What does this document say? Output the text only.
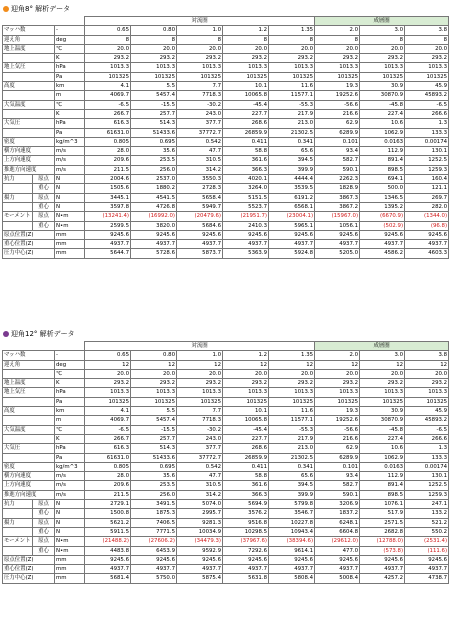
迎角8° 解析データ
			対流圏					成層圏		
マッハ数		-	0.65	0.80	1.0	1.2	1.35	2.0	3.0	3.8
迎え角		deg	8	8	8	8	8	8	8	8
地上温度		℃	20.0	20.0	20.0	20.0	20.0	20.0	20.0	20.0
		K	293.2	293.2	293.2	293.2	293.2	293.2	293.2	293.2
地上気圧		hPa	1013.3	1013.3	1013.3	1013.3	1013.3	1013.3	1013.3	1013.3
		Pa	101325	101325	101325	101325	101325	101325	101325	101325
高度		km	4.1	5.5	7.7	10.1	11.6	19.3	30.9	45.9
		m	4069.7	5457.4	7718.3	10065.8	11577.1	19252.6	30870.9	45893.2
大気温度		℃	-6.5	-15.5	-30.2	-45.4	-55.3	-56.6	-45.8	-6.5
		K	266.7	257.7	243.0	227.7	217.9	216.6	227.4	266.6
大気圧		hPa	616.3	514.3	377.7	268.6	213.0	62.9	10.6	1.3
		Pa	61631.0	51433.6	37772.7	26859.9	21302.5	6289.9	1062.9	133.3
密度		kg/m^3	0.805	0.695	0.542	0.411	0.341	0.101	0.0163	0.00174
横方向速度		m/s	28.0	35.6	47.7	58.8	65.6	93.4	112.9	130.1
上方向速度		m/s	209.6	253.5	310.5	361.6	394.5	582.7	891.4	1252.5
推進方向速度		m/s	211.5	256.0	314.2	366.3	399.9	590.1	898.5	1259.3
抗力	原点	N	2004.6	2537.0	3550.3	4020.1	4444.4	2262.3	694.1	160.4
	重心	N	1505.6	1880.2	2728.3	3264.0	3539.5	1828.9	500.0	121.1
揚力	原点	N	3445.1	4541.5	5658.4	5151.5	6191.2	3867.3	1346.5	269.7
	重心	N	3597.8	4726.8	5949.7	5523.7	6568.1	3867.2	1395.2	282.0
モーメント	原点	N•m	(13241.4)	(16992.0)	(20479.6)	(21951.7)	(23004.1)	(15967.0)	(6670.9)	(1344.0)
	重心	N•m	2599.5	3820.0	5684.6	2410.3	5965.1	1056.1	(502.9)	(96.8)
原点位置(Z)		mm	9245.6	9245.6	9245.6	9245.6	9245.6	9245.6	9245.6	9245.6
重心位置(Z)		mm	4937.7	4937.7	4937.7	4937.7	4937.7	4937.7	4937.7	4937.7
圧力中心(Z)		mm	5644.7	5728.6	5873.7	5363.9	5924.8	5205.0	4586.2	4603.3
迎角12° 解析データ
			対流圏					成層圏		
マッハ数		-	0.65	0.80	1.0	1.2	1.35	2.0	3.0	3.8
迎え角		deg	12	12	12	12	12	12	12	12
		℃	20.0	20.0	20.0	20.0	20.0	20.0	20.0	20.0
地上温度		K	293.2	293.2	293.2	293.2	293.2	293.2	293.2	293.2
地上気圧		hPa	1013.3	1013.3	1013.3	1013.3	1013.3	1013.3	1013.3	1013.3
		Pa	101325	101325	101325	101325	101325	101325	101325	101325
高度		km	4.1	5.5	7.7	10.1	11.6	19.3	30.9	45.9
		m	4069.7	5457.4	7718.3	10065.8	11577.1	19252.6	30870.9	45893.2
大気温度		℃	-6.5	-15.5	-30.2	-45.4	-55.3	-56.6	-45.8	-6.5
		K	266.7	257.7	243.0	227.7	217.9	216.6	227.4	266.6
大気圧		hPa	616.3	514.3	377.7	268.6	213.0	62.9	10.6	1.3
		Pa	61631.0	51433.6	37772.7	26859.9	21302.5	6289.9	1062.9	133.3
密度		kg/m^3	0.805	0.695	0.542	0.411	0.341	0.101	0.0163	0.00174
横方向速度		m/s	28.0	35.6	47.7	58.8	65.6	93.4	112.9	130.1
上方向速度		m/s	209.6	253.5	310.5	361.6	394.5	582.7	891.4	1252.5
推進方向速度		m/s	211.5	256.0	314.2	366.3	399.9	590.1	898.5	1259.3
抗力	原点	N	2729.1	3491.5	5074.0	5694.9	5799.8	3206.9	1076.1	247.1
	重心	N	1500.8	1875.3	2995.7	3576.2	3546.7	1837.2	517.9	133.2
揚力	原点	N	5621.2	7406.5	9281.3	9516.8	10227.8	6248.1	2571.5	521.2
	重心	N	5911.5	7771.5	10034.9	10298.5	10943.4	6604.8	2682.8	550.2
モーメント	原点	N•m	(21488.2)	(27606.2)	(34479.3)	(37967.6)	(38394.6)	(29612.0)	(12788.0)	(2531.4)
	重心	N•m	4483.8	6453.9	9592.9	7292.6	9614.1	477.0	(573.8)	(111.6)
原点位置(Z)		mm	9245.6	9245.6	9245.6	9245.6	9245.6	9245.6	9245.6	9245.6
重心位置(Z)		mm	4937.7	4937.7	4937.7	4937.7	4937.7	4937.7	4937.7	4937.7
圧力中心(Z)		mm	5681.4	5750.0	5875.4	5631.8	5808.4	5008.4	4257.2	4738.7
